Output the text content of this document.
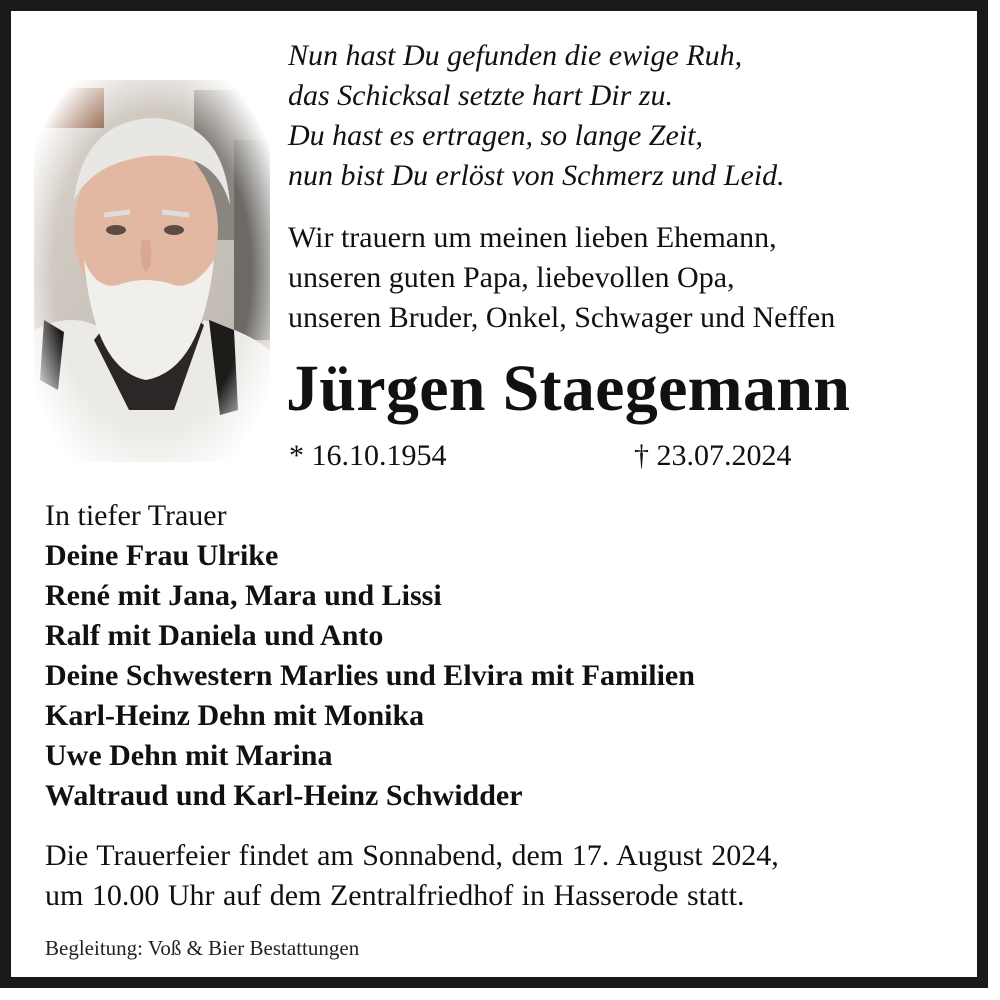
Nun hast Du gefunden die ewige Ruh,
das Schicksal setzte hart Dir zu.
Du hast es ertragen, so lange Zeit,
nun bist Du erlöst von Schmerz und Leid.
Wir trauern um meinen lieben Ehemann,
unseren guten Papa, liebevollen Opa,
unseren Bruder, Onkel, Schwager und Neffen
Jürgen Staegemann
* 16.10.1954	† 23.07.2024
In tiefer Trauer
Deine Frau Ulrike
René mit Jana, Mara und Lissi
Ralf mit Daniela und Anto
Deine Schwestern Marlies und Elvira mit Familien
Karl-Heinz Dehn mit Monika
Uwe Dehn mit Marina
Waltraud und Karl-Heinz Schwidder
Die Trauerfeier findet am Sonnabend, dem 17. August 2024,
um 10.00 Uhr auf dem Zentralfriedhof in Hasserode statt.
Begleitung: Voß & Bier Bestattungen
